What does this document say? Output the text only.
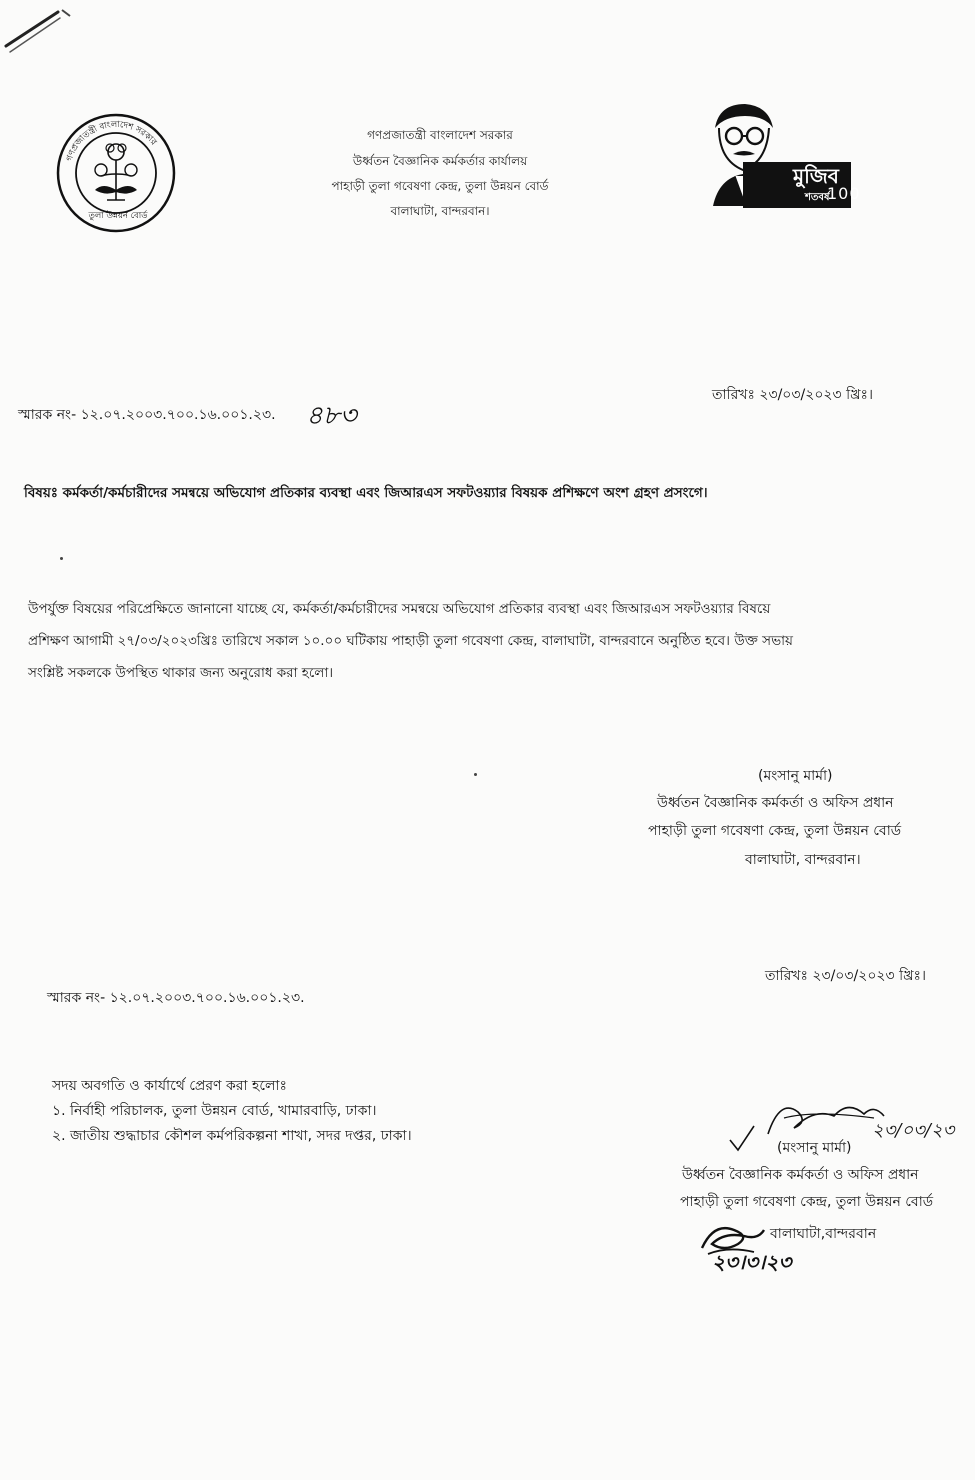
গণপ্রজাতন্ত্রী বাংলাদেশ সরকার
তুলা উন্নয়ন বোর্ড
গণপ্রজাতন্ত্রী বাংলাদেশ সরকার
উর্ধ্বতন বৈজ্ঞানিক কর্মকর্তার কার্যালয়
পাহাড়ী তুলা গবেষণা কেন্দ্র, তুলা উন্নয়ন বোর্ড
বালাঘাটা, বান্দরবান।
মুজিব
শতবর্ষ
100
তারিখঃ ২৩/০৩/২০২৩ খ্রিঃ।
স্মারক নং- ১২.০৭.২০০৩.৭০০.১৬.০০১.২৩. ৪৮৩
বিষয়ঃ কর্মকর্তা/কর্মচারীদের সমন্বয়ে অভিযোগ প্রতিকার ব্যবস্থা এবং জিআরএস সফটওয়্যার বিষয়ক প্রশিক্ষণে অংশ গ্রহণ প্রসংগে।
উপর্যুক্ত বিষয়ের পরিপ্রেক্ষিতে জানানো যাচ্ছে যে, কর্মকর্তা/কর্মচারীদের সমন্বয়ে অভিযোগ প্রতিকার ব্যবস্থা এবং জিআরএস সফটওয়্যার বিষয়ে
প্রশিক্ষণ আগামী ২৭/০৩/২০২৩খ্রিঃ তারিখে সকাল ১০.০০ ঘটিকায় পাহাড়ী তুলা গবেষণা কেন্দ্র, বালাঘাটা, বান্দরবানে অনুষ্ঠিত হবে। উক্ত সভায়
সংশ্লিষ্ট সকলকে উপস্থিত থাকার জন্য অনুরোধ করা হলো।
(মংসানু মার্মা)
উর্ধ্বতন বৈজ্ঞানিক কর্মকর্তা ও অফিস প্রধান
পাহাড়ী তুলা গবেষণা কেন্দ্র, তুলা উন্নয়ন বোর্ড
বালাঘাটা, বান্দরবান।
তারিখঃ ২৩/০৩/২০২৩ খ্রিঃ।
স্মারক নং- ১২.০৭.২০০৩.৭০০.১৬.০০১.২৩.
সদয় অবগতি ও কার্যার্থে প্রেরণ করা হলোঃ
১. নির্বাহী পরিচালক, তুলা উন্নয়ন বোর্ড, খামারবাড়ি, ঢাকা।
২. জাতীয় শুদ্ধাচার কৌশল কর্মপরিকল্পনা শাখা, সদর দপ্তর, ঢাকা।	২৩/০৩/২৩
(মংসানু মার্মা)
উর্ধ্বতন বৈজ্ঞানিক কর্মকর্তা ও অফিস প্রধান
পাহাড়ী তুলা গবেষণা কেন্দ্র, তুলা উন্নয়ন বোর্ড
বালাঘাটা,বান্দরবান
২৩।৩।২৩
